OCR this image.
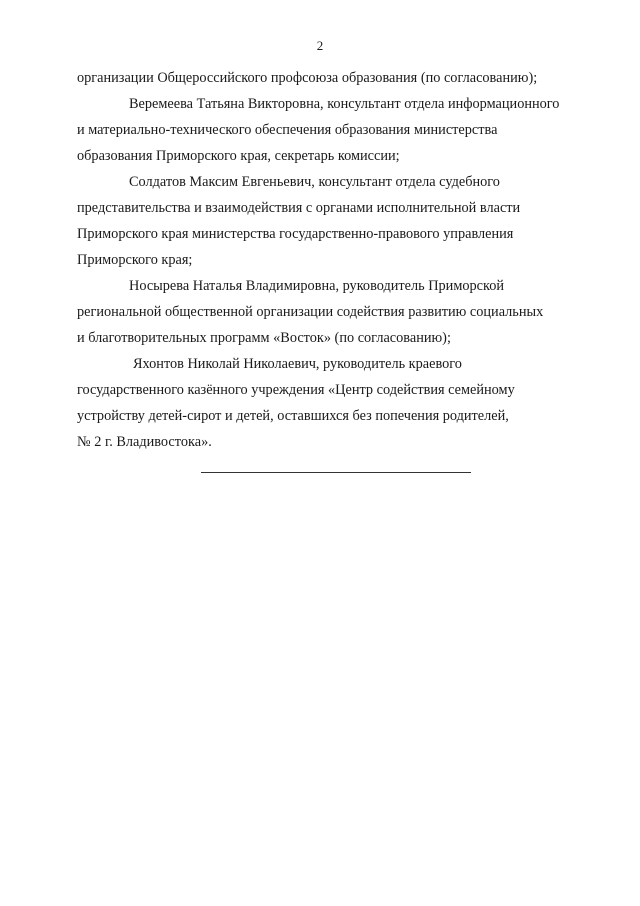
2
организации Общероссийского профсоюза образования (по согласованию);
Веремеева Татьяна Викторовна, консультант отдела информационного
и материально-технического обеспечения образования министерства
образования Приморского края, секретарь комиссии;
Солдатов Максим Евгеньевич, консультант отдела судебного
представительства и взаимодействия с органами исполнительной власти
Приморского края министерства государственно-правового управления
Приморского края;
Носырева Наталья Владимировна, руководитель Приморской
региональной общественной организации содействия развитию социальных
и благотворительных программ «Восток» (по согласованию);
Яхонтов Николай Николаевич, руководитель краевого
государственного казённого учреждения «Центр содействия семейному
устройству детей-сирот и детей, оставшихся без попечения родителей,
№ 2 г. Владивостока».
